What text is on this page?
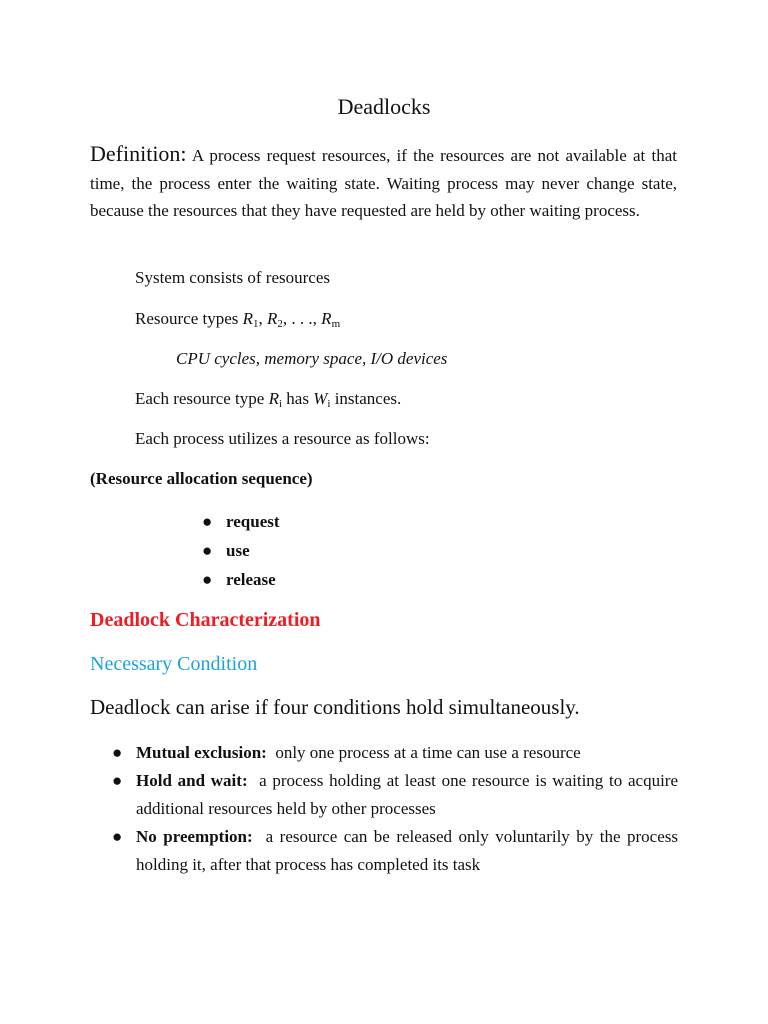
Deadlocks

Definition: A process request resources, if the resources are not available at that time, the process enter the waiting state. Waiting process may never change state, because the resources that they have requested are held by other waiting process.

System consists of resources
Resource types R1, R2, . . ., Rm
CPU cycles, memory space, I/O devices
Each resource type Ri has Wi instances.
Each process utilizes a resource as follows:
(Resource allocation sequence)
● request
● use
● release
Deadlock Characterization
Necessary Condition

Deadlock can arise if four conditions hold simultaneously.

● Mutual exclusion: only one process at a time can use a resource
● Hold and wait: a process holding at least one resource is waiting to acquire additional resources held by other processes
● No preemption: a resource can be released only voluntarily by the process holding it, after that process has completed its task
